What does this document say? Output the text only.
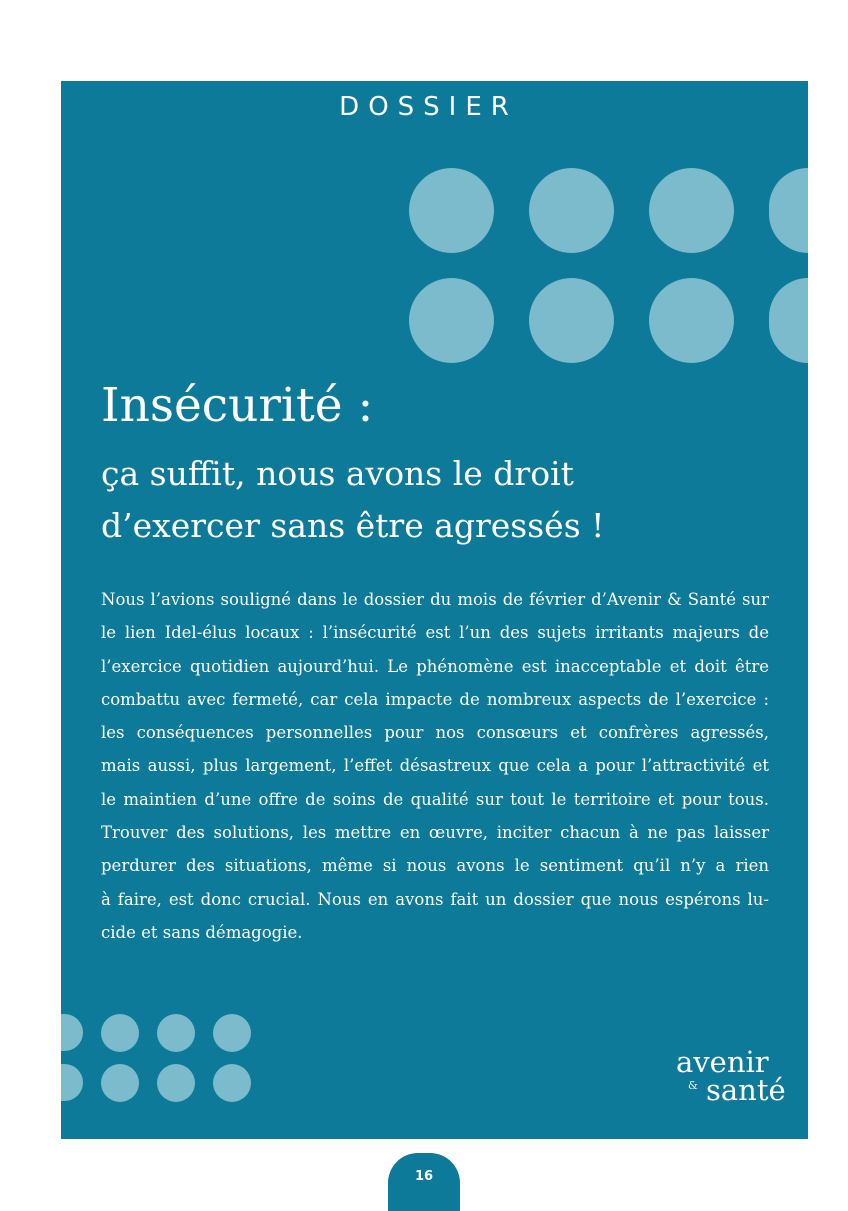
DOSSIER
Insécurité :
ça suffit, nous avons le droit
d’exercer sans être agressés !
Nous l’avions souligné dans le dossier du mois de février d’Avenir & Santé sur
le lien Idel-élus locaux : l’insécurité est l’un des sujets irritants majeurs de
l’exercice quotidien aujourd’hui. Le phénomène est inacceptable et doit être
combattu avec fermeté, car cela impacte de nombreux aspects de l’exercice :
les conséquences personnelles pour nos consœurs et confrères agressés,
mais aussi, plus largement, l’effet désastreux que cela a pour l’attractivité et
le maintien d’une offre de soins de qualité sur tout le territoire et pour tous.
Trouver des solutions, les mettre en œuvre, inciter chacun à ne pas laisser
perdurer des situations, même si nous avons le sentiment qu’il n’y a rien
à faire, est donc crucial. Nous en avons fait un dossier que nous espérons lu-
cide et sans démagogie.
avenir
& santé
16
